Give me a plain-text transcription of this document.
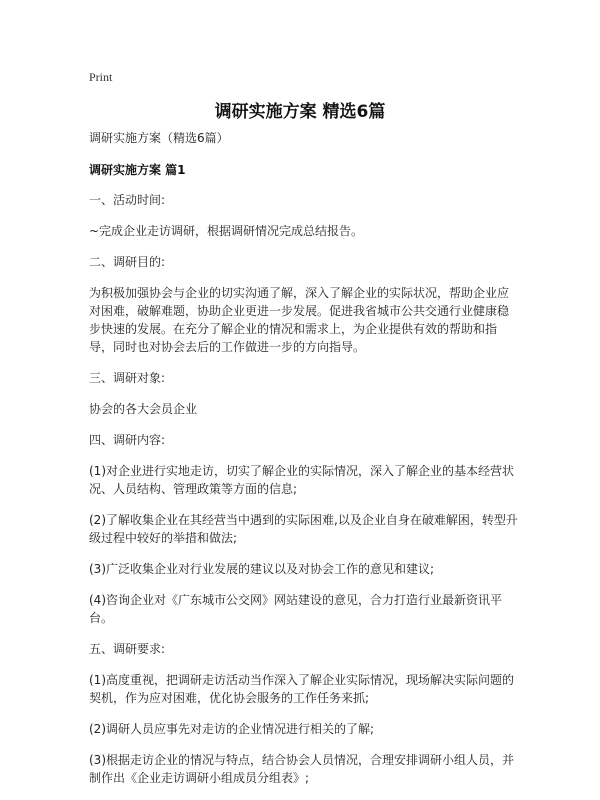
Print
调研实施方案 精选6篇

调研实施方案（精选6篇）

调研实施方案 篇1

一、活动时间:

~完成企业走访调研，根据调研情况完成总结报告。

二、调研目的:

为积极加强协会与企业的切实沟通了解，深入了解企业的实际状况，帮助企业应对困难，破解难题，协助企业更进一步发展。促进我省城市公共交通行业健康稳步快速的发展。在充分了解企业的情况和需求上，为企业提供有效的帮助和指导，同时也对协会去后的工作做进一步的方向指导。

三、调研对象:

协会的各大会员企业

四、调研内容:

(1)对企业进行实地走访，切实了解企业的实际情况，深入了解企业的基本经营状况、人员结构、管理政策等方面的信息;

(2)了解收集企业在其经营当中遇到的实际困难,以及企业自身在破难解困，转型升级过程中较好的举措和做法;

(3)广泛收集企业对行业发展的建议以及对协会工作的意见和建议;

(4)咨询企业对《广东城市公交网》网站建设的意见，合力打造行业最新资讯平台。

五、调研要求:

(1)高度重视，把调研走访活动当作深入了解企业实际情况，现场解决实际问题的契机，作为应对困难，优化协会服务的工作任务来抓;

(2)调研人员应事先对走访的企业情况进行相关的了解;

(3)根据走访企业的情况与特点，结合协会人员情况，合理安排调研小组人员，并制作出《企业走访调研小组成员分组表》;
